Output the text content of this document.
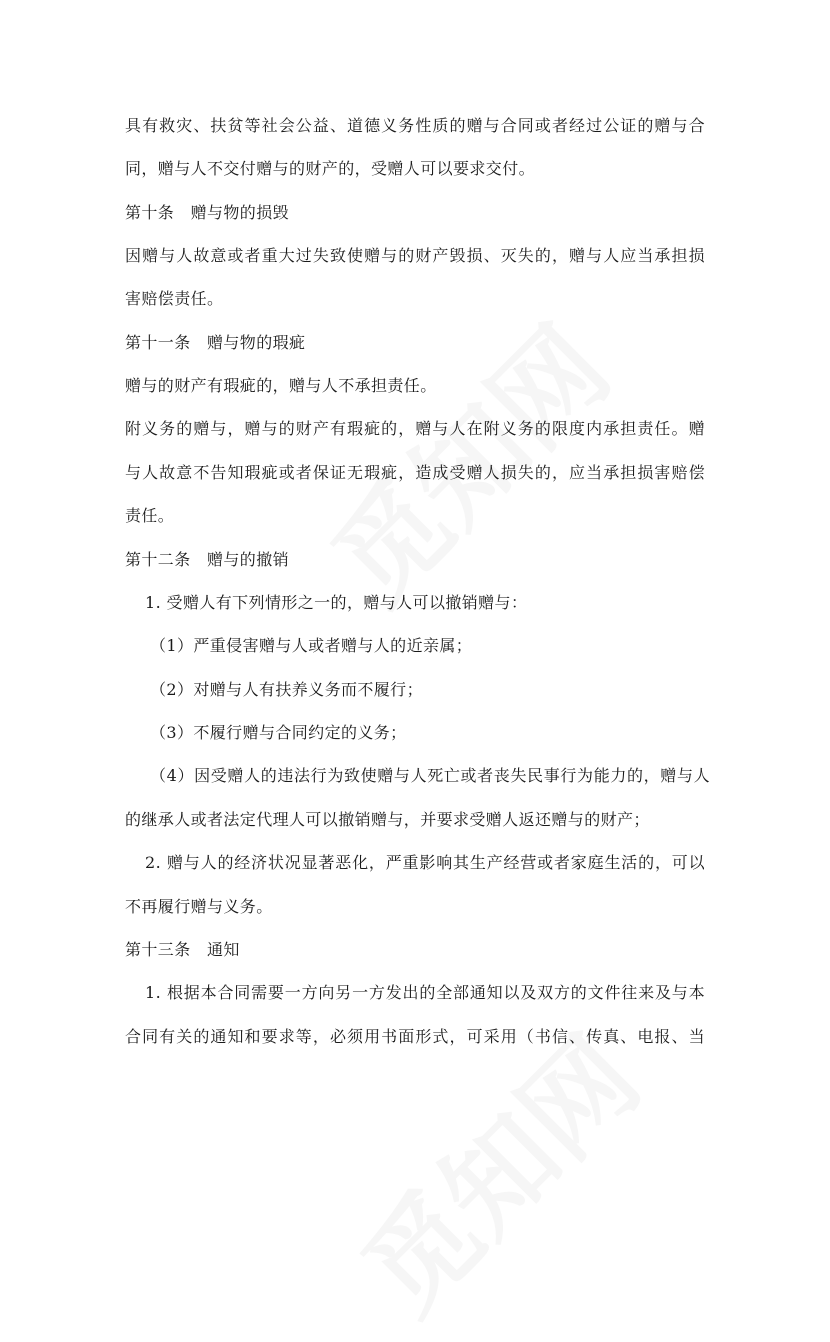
具有救灾、扶贫等社会公益、道德义务性质的赠与合同或者经过公证的赠与合
同，赠与人不交付赠与的财产的，受赠人可以要求交付。
第十条　赠与物的损毁
因赠与人故意或者重大过失致使赠与的财产毁损、灭失的，赠与人应当承担损
害赔偿责任。
第十一条　赠与物的瑕疵
赠与的财产有瑕疵的，赠与人不承担责任。
附义务的赠与，赠与的财产有瑕疵的，赠与人在附义务的限度内承担责任。赠
与人故意不告知瑕疵或者保证无瑕疵，造成受赠人损失的，应当承担损害赔偿
责任。
第十二条　赠与的撤销
1. 受赠人有下列情形之一的，赠与人可以撤销赠与：
（1）严重侵害赠与人或者赠与人的近亲属；
（2）对赠与人有扶养义务而不履行；
（3）不履行赠与合同约定的义务；
（4）因受赠人的违法行为致使赠与人死亡或者丧失民事行为能力的，赠与人
的继承人或者法定代理人可以撤销赠与，并要求受赠人返还赠与的财产；
2. 赠与人的经济状况显著恶化，严重影响其生产经营或者家庭生活的，可以
不再履行赠与义务。
第十三条　通知
1. 根据本合同需要一方向另一方发出的全部通知以及双方的文件往来及与本
合同有关的通知和要求等，必须用书面形式，可采用（书信、传真、电报、当
